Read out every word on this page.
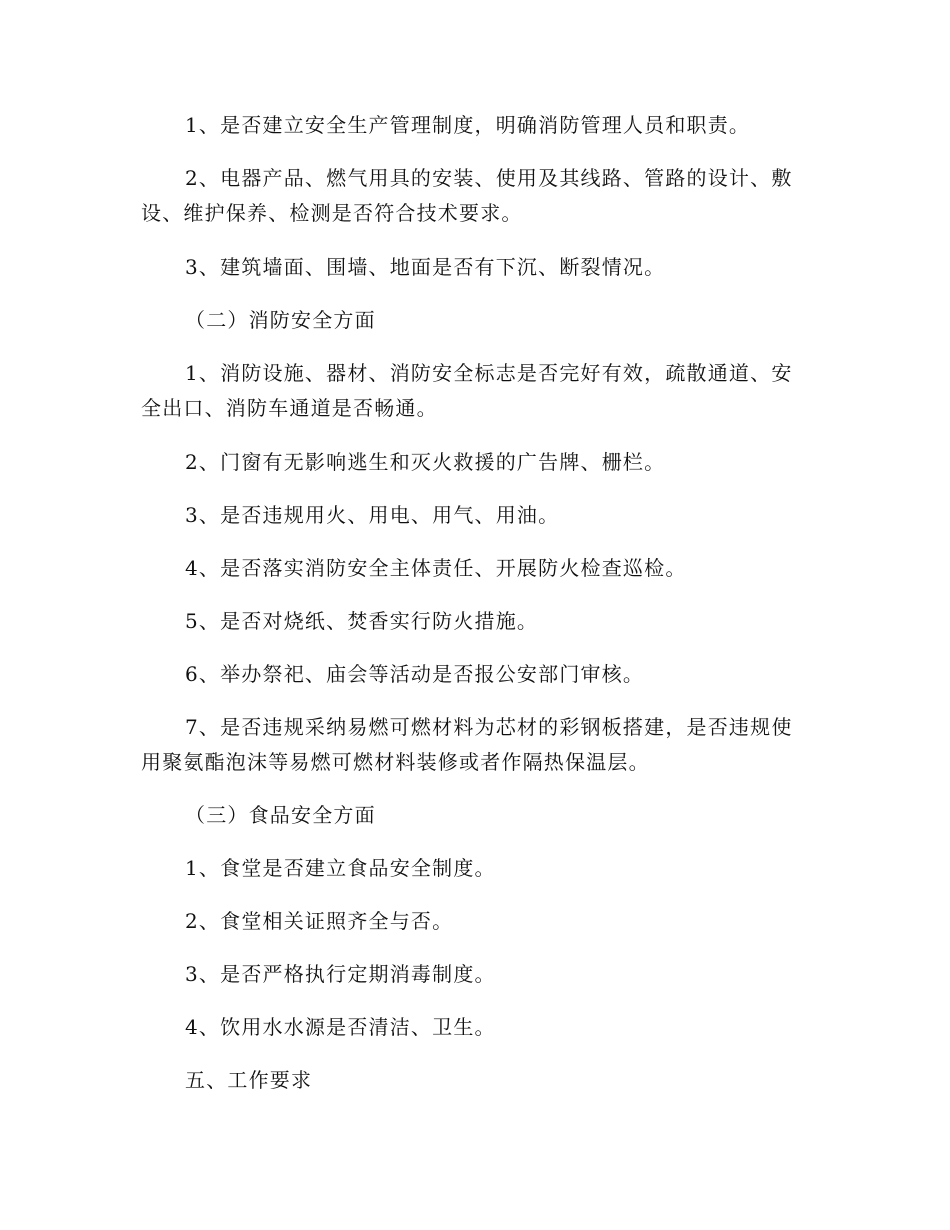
1、是否建立安全生产管理制度，明确消防管理人员和职责。

2、电器产品、燃气用具的安装、使用及其线路、管路的设计、敷设、维护保养、检测是否符合技术要求。

3、建筑墙面、围墙、地面是否有下沉、断裂情况。

（二）消防安全方面

1、消防设施、器材、消防安全标志是否完好有效，疏散通道、安全出口、消防车通道是否畅通。

2、门窗有无影响逃生和灭火救援的广告牌、栅栏。

3、是否违规用火、用电、用气、用油。

4、是否落实消防安全主体责任、开展防火检查巡检。

5、是否对烧纸、焚香实行防火措施。

6、举办祭祀、庙会等活动是否报公安部门审核。

7、是否违规采纳易燃可燃材料为芯材的彩钢板搭建，是否违规使用聚氨酯泡沫等易燃可燃材料装修或者作隔热保温层。

（三）食品安全方面

1、食堂是否建立食品安全制度。

2、食堂相关证照齐全与否。

3、是否严格执行定期消毒制度。

4、饮用水水源是否清洁、卫生。

五、工作要求
